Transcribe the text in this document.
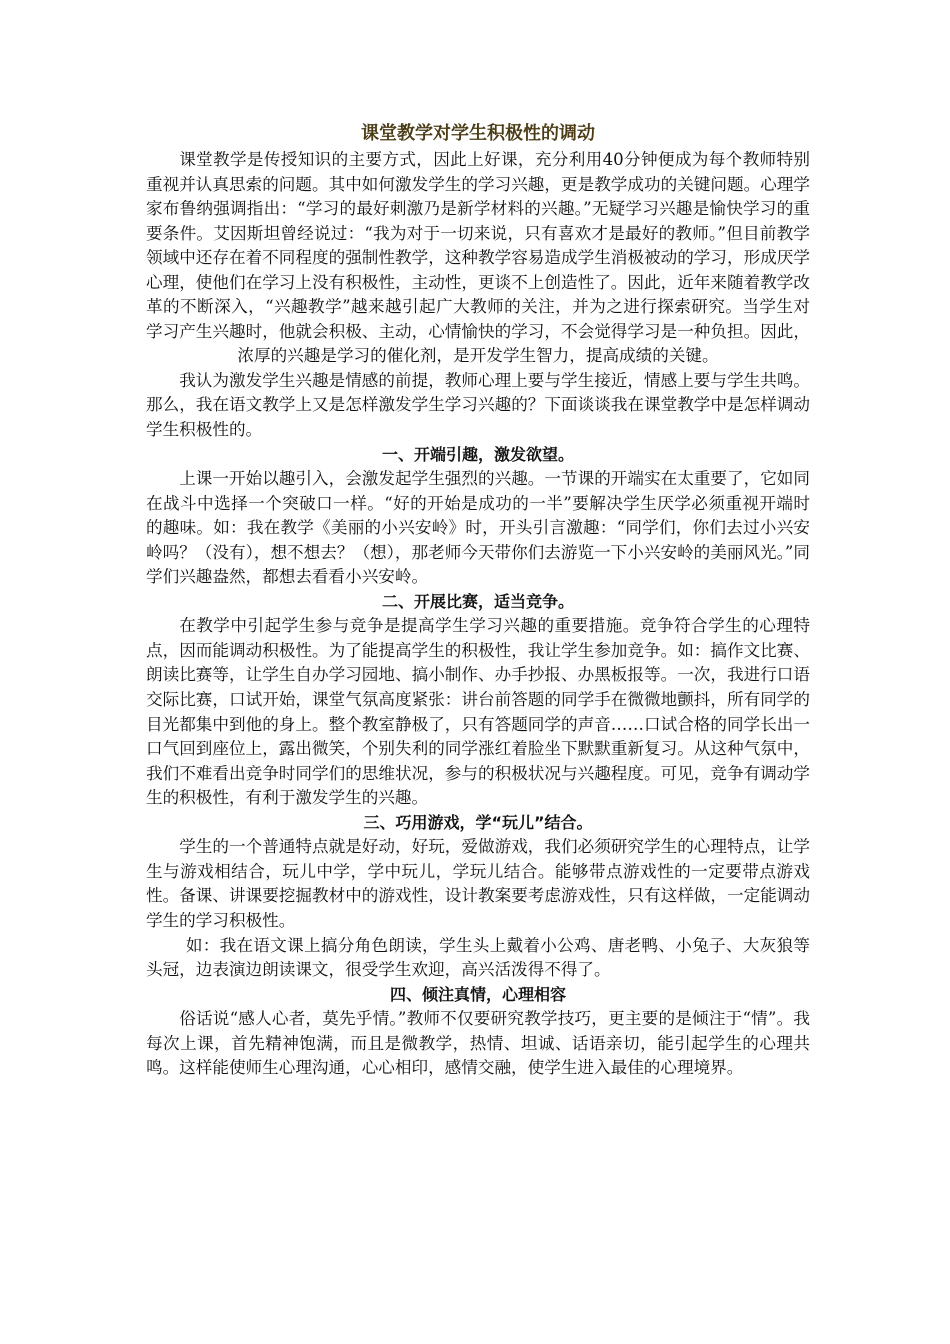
课堂教学对学生积极性的调动

课堂教学是传授知识的主要方式，因此上好课，充分利用40分钟便成为每个教师特别重视并认真思索的问题。其中如何激发学生的学习兴趣，更是教学成功的关键问题。心理学家布鲁纳强调指出：“学习的最好刺激乃是新学材料的兴趣。”无疑学习兴趣是愉快学习的重要条件。艾因斯坦曾经说过：“我为对于一切来说，只有喜欢才是最好的教师。”但目前教学领域中还存在着不同程度的强制性教学，这种教学容易造成学生消极被动的学习，形成厌学心理，使他们在学习上没有积极性，主动性，更谈不上创造性了。因此，近年来随着教学改革的不断深入，“兴趣教学”越来越引起广大教师的关注，并为之进行探索研究。当学生对学习产生兴趣时，他就会积极、主动，心情愉快的学习，不会觉得学习是一种负担。因此，浓厚的兴趣是学习的催化剂，是开发学生智力，提高成绩的关键。

我认为激发学生兴趣是情感的前提，教师心理上要与学生接近，情感上要与学生共鸣。那么，我在语文教学上又是怎样激发学生学习兴趣的？下面谈谈我在课堂教学中是怎样调动学生积极性的。

一、开端引趣，激发欲望。

上课一开始以趣引入，会激发起学生强烈的兴趣。一节课的开端实在太重要了，它如同在战斗中选择一个突破口一样。“好的开始是成功的一半”要解决学生厌学必须重视开端时的趣味。如：我在教学《美丽的小兴安岭》时，开头引言激趣：“同学们，你们去过小兴安岭吗？（没有），想不想去？（想），那老师今天带你们去游览一下小兴安岭的美丽风光。”同学们兴趣盎然，都想去看看小兴安岭。

二、开展比赛，适当竞争。

在教学中引起学生参与竞争是提高学生学习兴趣的重要措施。竞争符合学生的心理特点，因而能调动积极性。为了能提高学生的积极性，我让学生参加竞争。如：搞作文比赛、朗读比赛等，让学生自办学习园地、搞小制作、办手抄报、办黑板报等。一次，我进行口语交际比赛，口试开始，课堂气氛高度紧张：讲台前答题的同学手在微微地颤抖，所有同学的目光都集中到他的身上。整个教室静极了，只有答题同学的声音……口试合格的同学长出一口气回到座位上，露出微笑，个别失利的同学涨红着脸坐下默默重新复习。从这种气氛中，我们不难看出竞争时同学们的思维状况，参与的积极状况与兴趣程度。可见，竞争有调动学生的积极性，有利于激发学生的兴趣。

三、巧用游戏，学“玩儿”结合。

学生的一个普通特点就是好动，好玩，爱做游戏，我们必须研究学生的心理特点，让学生与游戏相结合，玩儿中学，学中玩儿，学玩儿结合。能够带点游戏性的一定要带点游戏性。备课、讲课要挖掘教材中的游戏性，设计教案要考虑游戏性，只有这样做，一定能调动学生的学习积极性。

如：我在语文课上搞分角色朗读，学生头上戴着小公鸡、唐老鸭、小兔子、大灰狼等头冠，边表演边朗读课文，很受学生欢迎，高兴活泼得不得了。

四、倾注真情，心理相容

俗话说“感人心者，莫先乎情。”教师不仅要研究教学技巧，更主要的是倾注于“情”。我每次上课，首先精神饱满，而且是微教学，热情、坦诚、话语亲切，能引起学生的心理共鸣。这样能使师生心理沟通，心心相印，感情交融，使学生进入最佳的心理境界。
